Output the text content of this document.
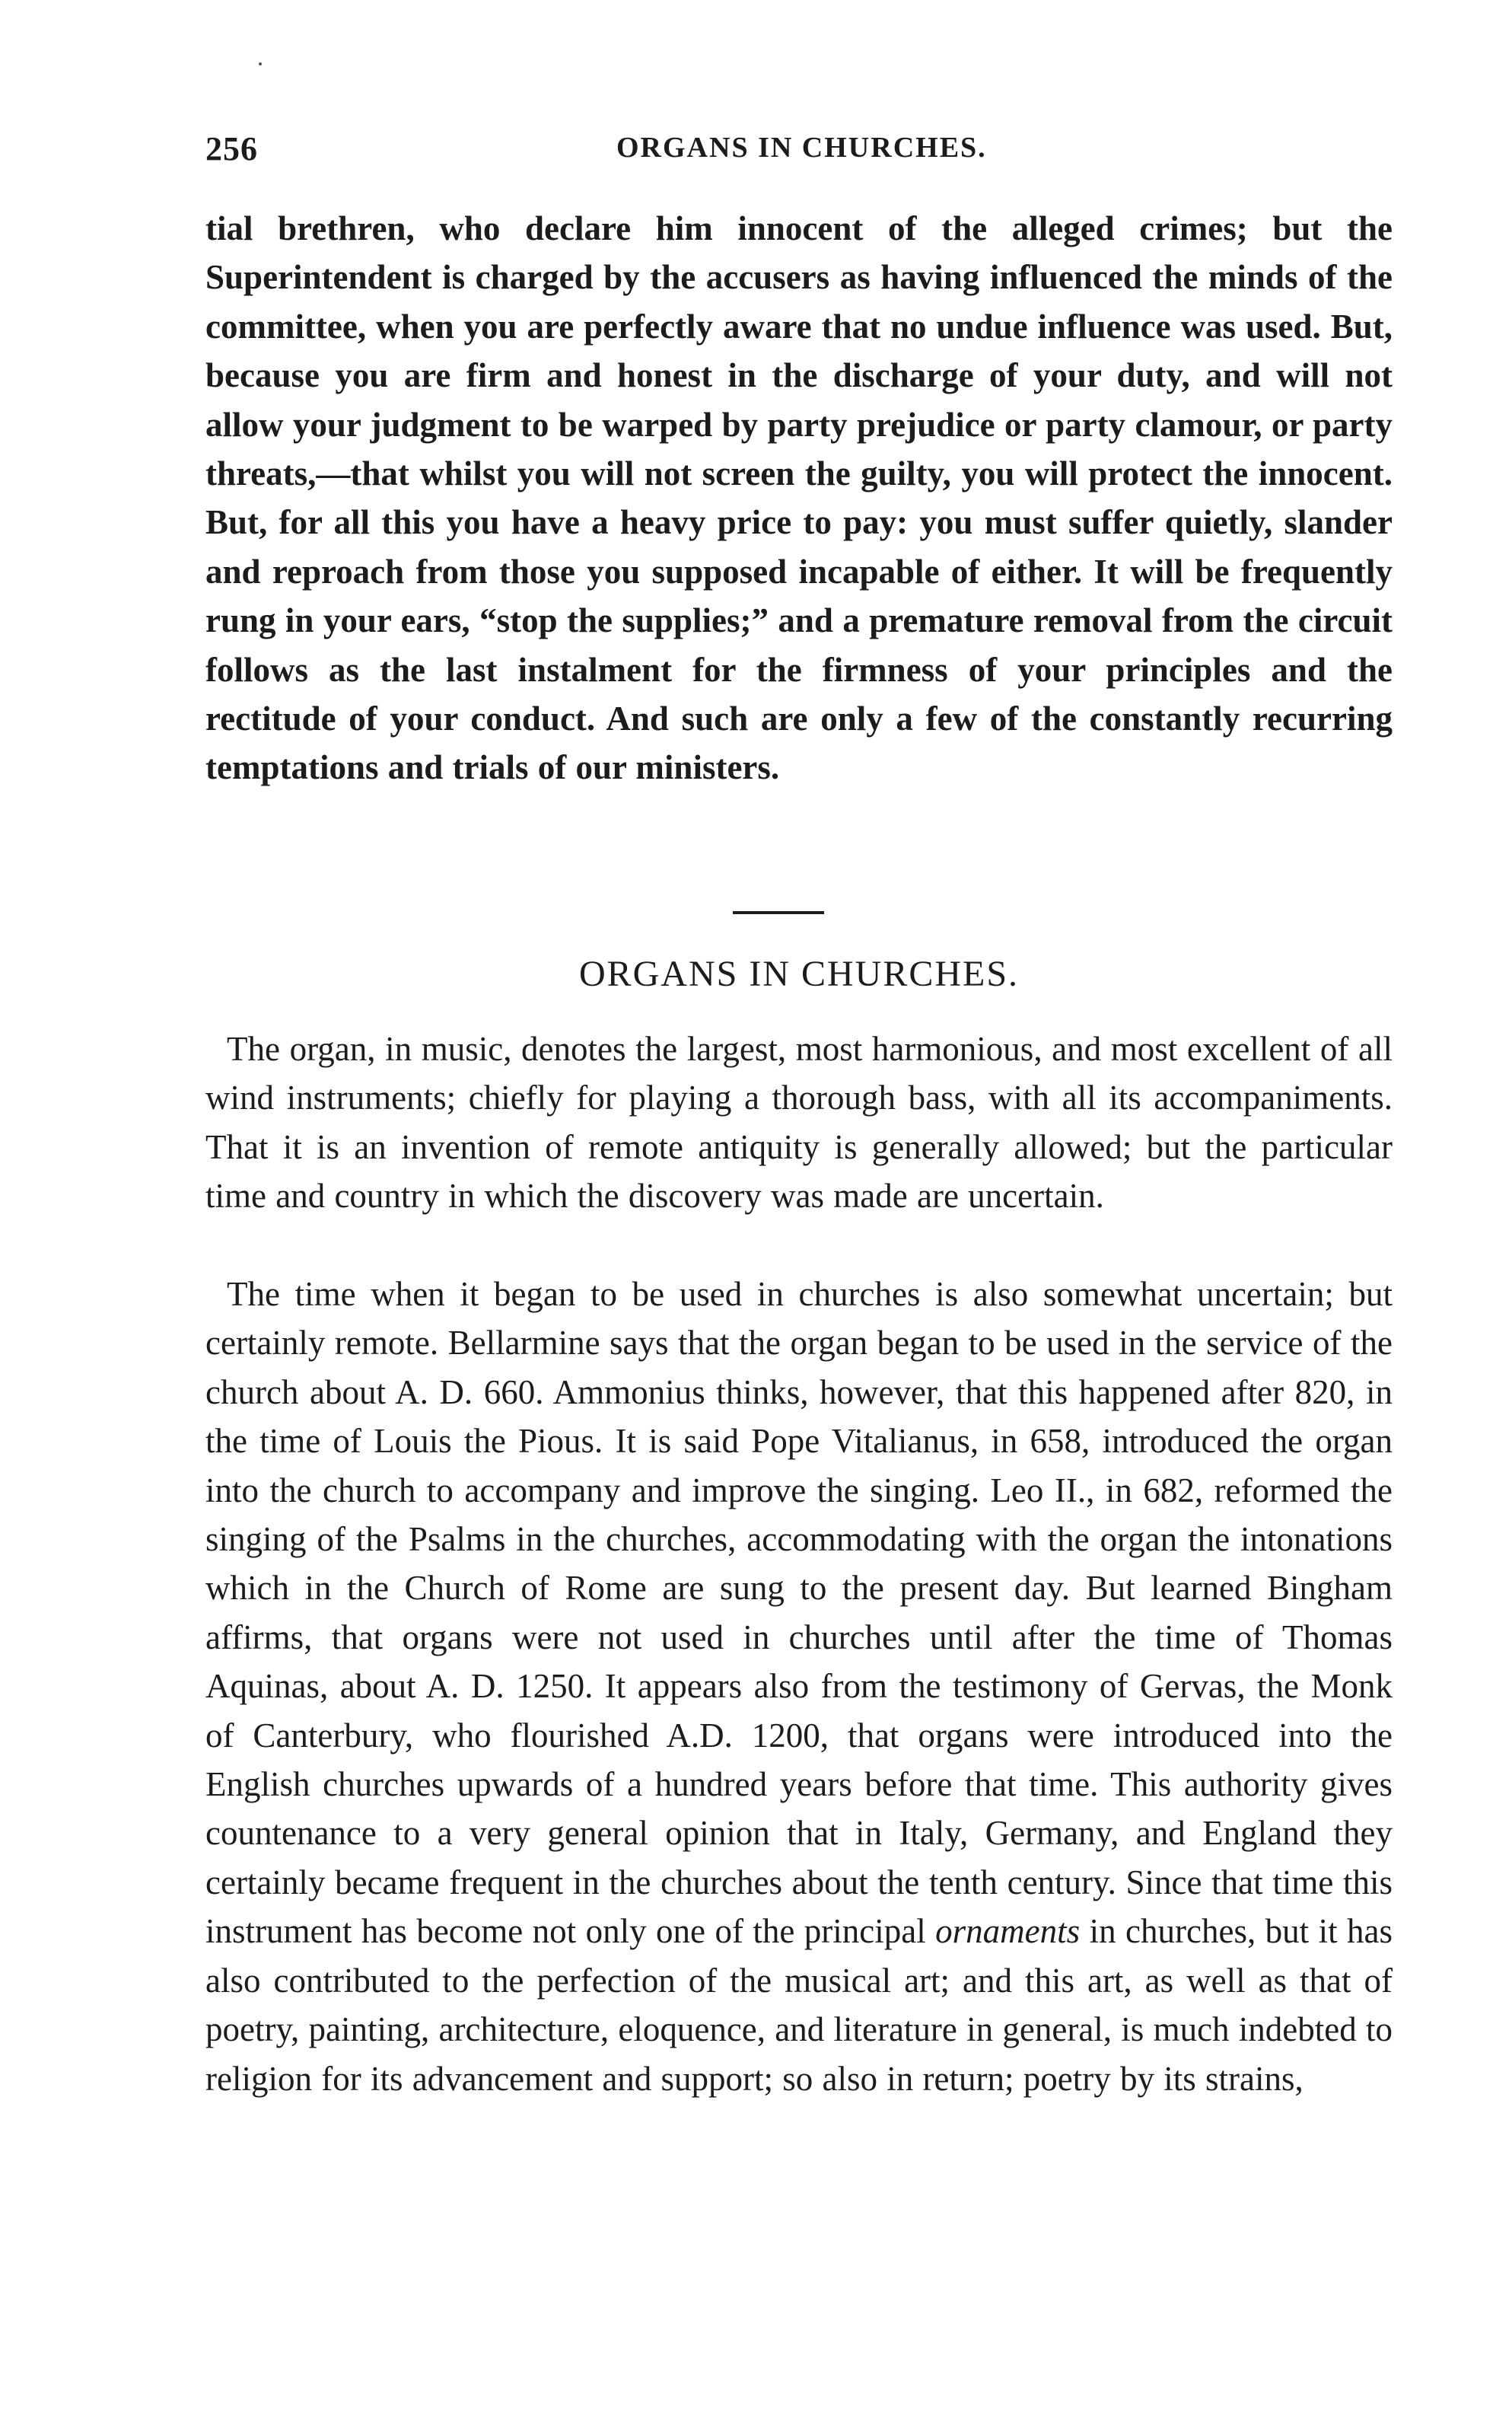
256	ORGANS IN CHURCHES.

tial brethren, who declare him innocent of the alleged crimes; but the Superintendent is charged by the accusers as having influenced the minds of the committee, when you are perfectly aware that no undue influence was used. But, because you are firm and honest in the discharge of your duty, and will not allow your judgment to be warped by party prejudice or party clamour, or party threats,—that whilst you will not screen the guilty, you will protect the innocent. But, for all this you have a heavy price to pay: you must suffer quietly, slander and reproach from those you supposed incapable of either. It will be frequently rung in your ears, “stop the supplies;” and a premature removal from the circuit follows as the last instalment for the firmness of your principles and the rectitude of your conduct. And such are only a few of the constantly recurring temptations and trials of our ministers.

ORGANS IN CHURCHES.

The organ, in music, denotes the largest, most harmonious, and most excellent of all wind instruments; chiefly for playing a thorough bass, with all its accompaniments. That it is an invention of remote antiquity is generally allowed; but the particular time and country in which the discovery was made are uncertain.

The time when it began to be used in churches is also somewhat uncertain; but certainly remote. Bellarmine says that the organ began to be used in the service of the church about A. D. 660. Ammonius thinks, however, that this happened after 820, in the time of Louis the Pious. It is said Pope Vitalianus, in 658, introduced the organ into the church to accompany and improve the singing. Leo II., in 682, reformed the singing of the Psalms in the churches, accommodating with the organ the intonations which in the Church of Rome are sung to the present day. But learned Bingham affirms, that organs were not used in churches until after the time of Thomas Aquinas, about A. D. 1250. It appears also from the testimony of Gervas, the Monk of Canterbury, who flourished A.D. 1200, that organs were introduced into the English churches upwards of a hundred years before that time. This authority gives countenance to a very general opinion that in Italy, Germany, and England they certainly became frequent in the churches about the tenth century. Since that time this instrument has become not only one of the principal ornaments in churches, but it has also contributed to the perfection of the musical art; and this art, as well as that of poetry, painting, architecture, eloquence, and literature in general, is much indebted to religion for its advancement and support; so also in return; poetry by its strains,
